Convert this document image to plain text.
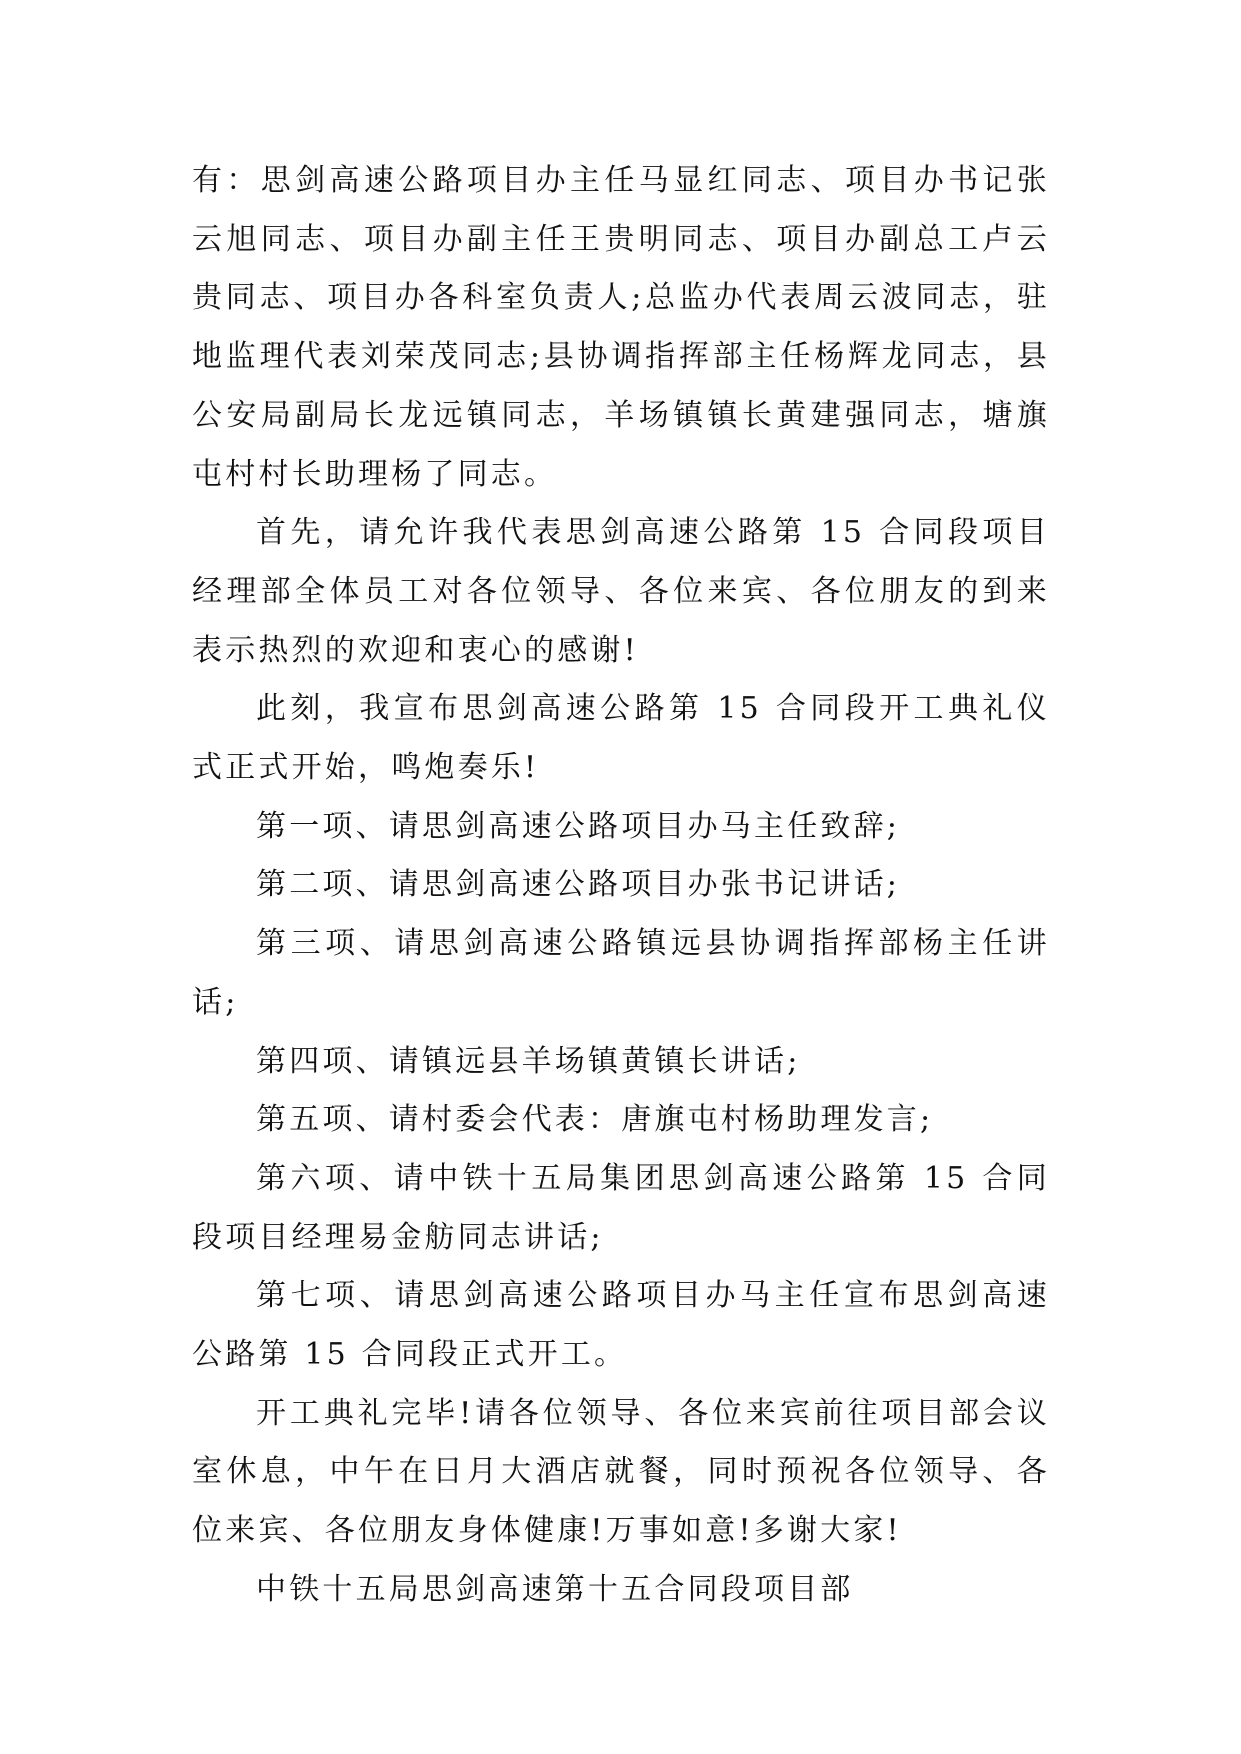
有：思剑高速公路项目办主任马显红同志、项目办书记张云旭同志、项目办副主任王贵明同志、项目办副总工卢云贵同志、项目办各科室负责人;总监办代表周云波同志，驻地监理代表刘荣茂同志;县协调指挥部主任杨辉龙同志，县公安局副局长龙远镇同志，羊场镇镇长黄建强同志，塘旗屯村村长助理杨了同志。

首先，请允许我代表思剑高速公路第 15 合同段项目经理部全体员工对各位领导、各位来宾、各位朋友的到来表示热烈的欢迎和衷心的感谢!

此刻，我宣布思剑高速公路第 15 合同段开工典礼仪式正式开始，鸣炮奏乐!

第一项、请思剑高速公路项目办马主任致辞;

第二项、请思剑高速公路项目办张书记讲话;

第三项、请思剑高速公路镇远县协调指挥部杨主任讲话;

第四项、请镇远县羊场镇黄镇长讲话;

第五项、请村委会代表：唐旗屯村杨助理发言;

第六项、请中铁十五局集团思剑高速公路第 15 合同段项目经理易金舫同志讲话;

第七项、请思剑高速公路项目办马主任宣布思剑高速公路第 15 合同段正式开工。

开工典礼完毕!请各位领导、各位来宾前往项目部会议室休息，中午在日月大酒店就餐，同时预祝各位领导、各位来宾、各位朋友身体健康!万事如意!多谢大家!

中铁十五局思剑高速第十五合同段项目部
